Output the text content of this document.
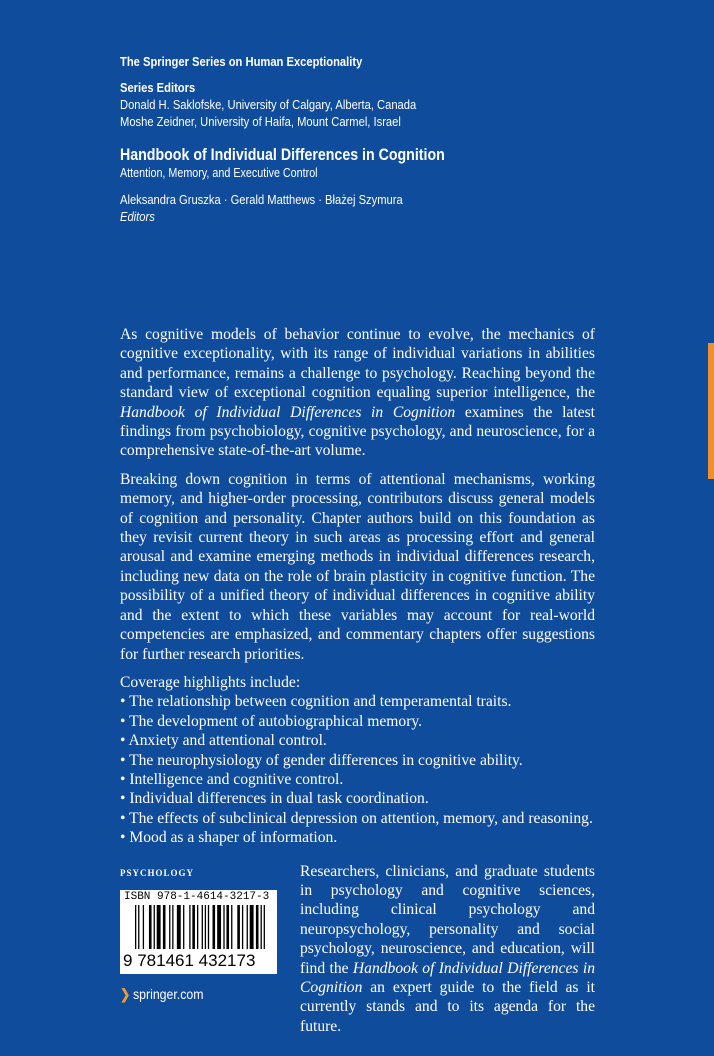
The Springer Series on Human Exceptionality
Series Editors
Donald H. Saklofske, University of Calgary, Alberta, Canada
Moshe Zeidner, University of Haifa, Mount Carmel, Israel
Handbook of Individual Differences in Cognition
Attention, Memory, and Executive Control
Aleksandra Gruszka · Gerald Matthews · Błażej Szymura
Editors

As cognitive models of behavior continue to evolve, the mechanics of cognitive exceptionality, with its range of individual variations in abilities and performance, remains a challenge to psychology. Reaching beyond the standard view of exceptional cognition equaling superior intelligence, the Handbook of Individual Differences in Cognition examines the latest findings from psychobiology, cognitive psychology, and neuroscience, for a comprehensive state-of-the-art volume.

Breaking down cognition in terms of attentional mechanisms, working memory, and higher-order processing, contributors discuss general models of cognition and personality. Chapter authors build on this foundation as they revisit current theory in such areas as processing effort and general arousal and examine emerging methods in individual differences research, including new data on the role of brain plasticity in cognitive function. The possibility of a unified theory of individual differences in cognitive ability and the extent to which these variables may account for real-world competencies are emphasized, and commentary chapters offer suggestions for further research priorities.

Coverage highlights include:
• The relationship between cognition and temperamental traits.
• The development of autobiographical memory.
• Anxiety and attentional control.
• The neurophysiology of gender differences in cognitive ability.
• Intelligence and cognitive control.
• Individual differences in dual task coordination.
• The effects of subclinical depression on attention, memory, and reasoning.
• Mood as a shaper of information.
PSYCHOLOGY
ISBN 978-1-4614-3217-3
9 781461 432173
❯ springer.com
Researchers, clinicians, and graduate students in psychology and cognitive sciences, including clinical psychology and neuropsychology, personality and social psychology, neuroscience, and education, will find the Handbook of Individual Differences in Cognition an expert guide to the field as it currently stands and to its agenda for the future.
